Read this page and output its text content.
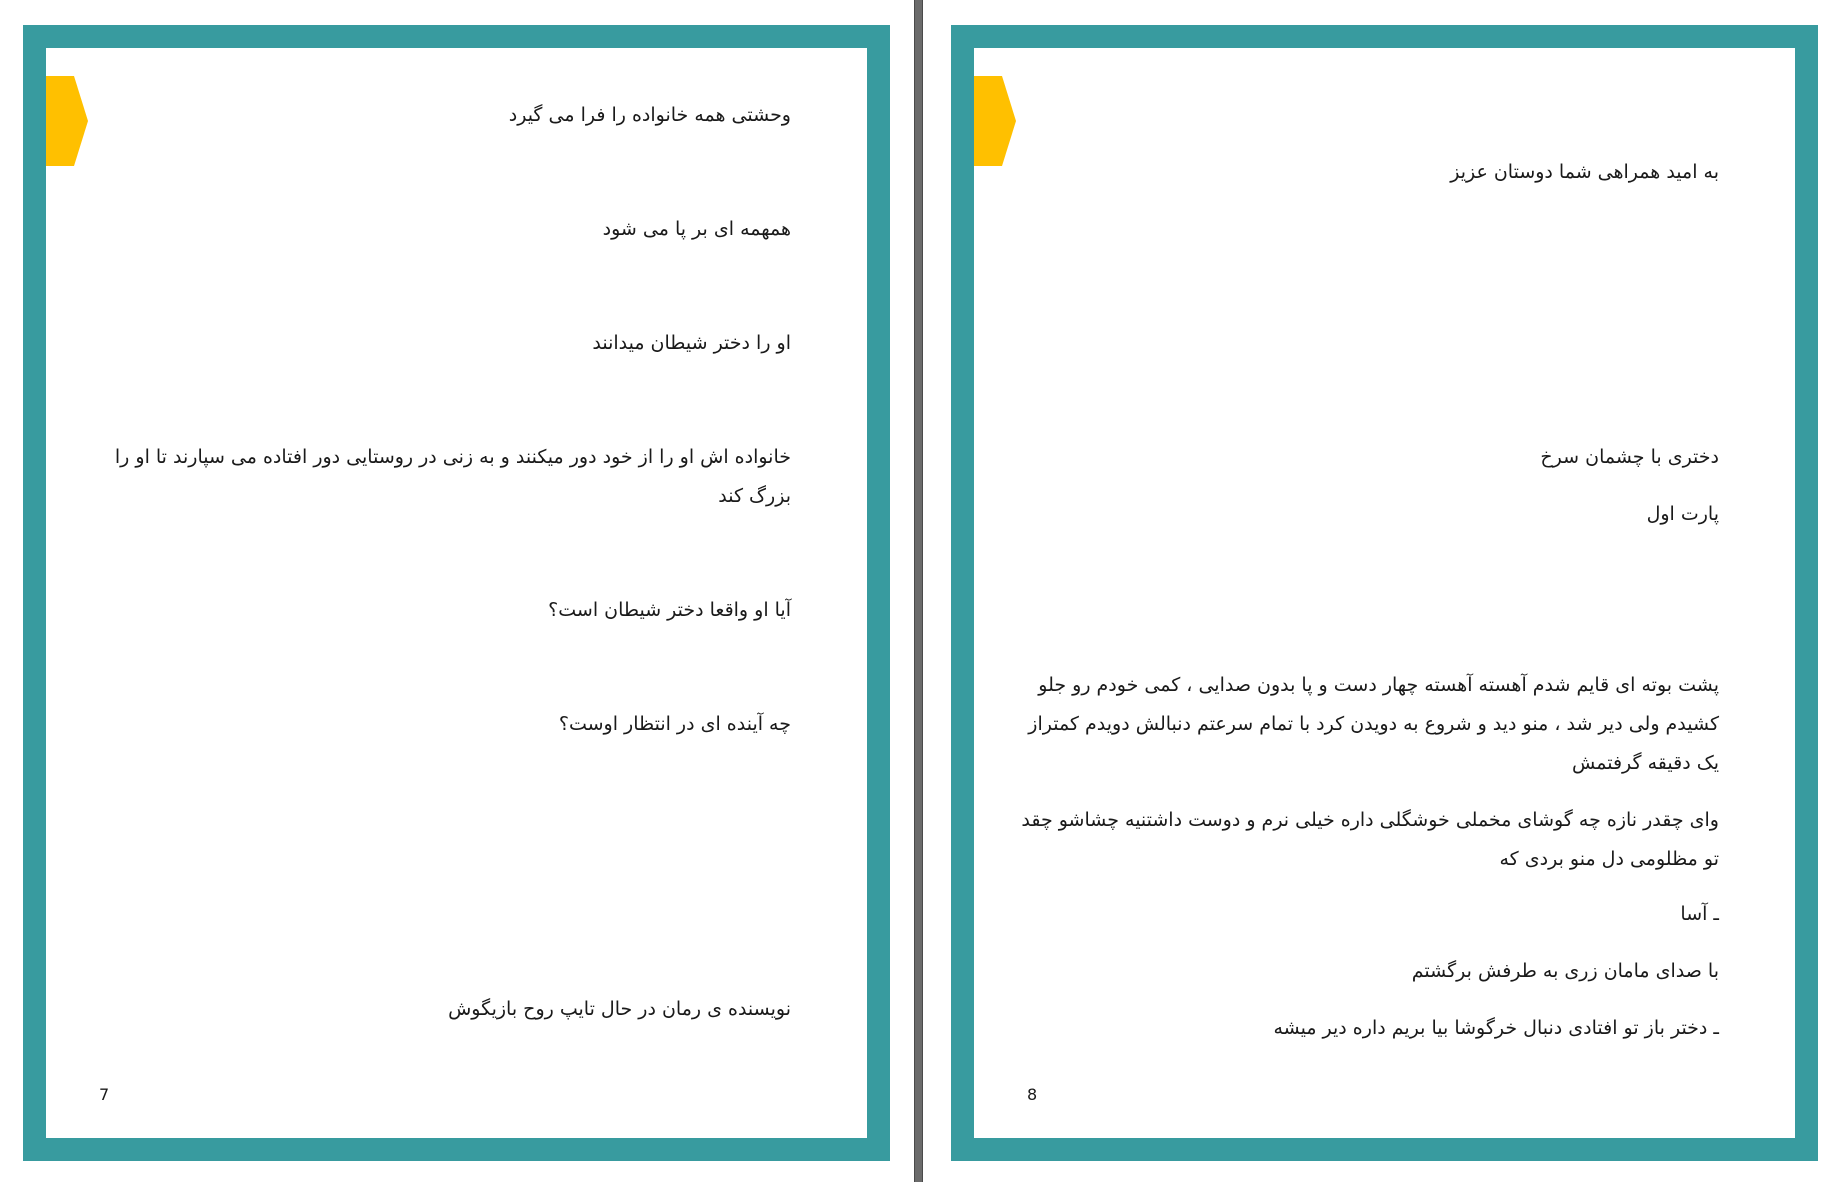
وحشتی همه خانواده را فرا می گیرد
همهمه ای بر پا می شود
او را دختر شیطان میدانند
خانواده اش او را از خود دور میکنند و به زنی در روستایی دور افتاده می سپارند تا او را بزرگ کند
آیا او واقعا دختر شیطان است؟
چه آینده ای در انتظار اوست؟
نویسنده ی رمان در حال تایپ روح بازیگوش
7
به امید همراهی شما دوستان عزیز
دختری با چشمان سرخ
پارت اول
پشت بوته ای قایم شدم آهسته آهسته چهار دست و پا بدون صدایی ، کمی خودم رو جلو کشیدم ولی دیر شد ، منو دید و شروع به دویدن کرد با تمام سرعتم دنبالش دویدم کمتراز یک دقیقه گرفتمش
وای چقدر نازه چه گوشای مخملی خوشگلی داره خیلی نرم و دوست داشتنیه چشاشو چقد تو مظلومی دل منو بردی که
ـ آسا
با صدای مامان زری به طرفش برگشتم
ـ دختر باز تو افتادی دنبال خرگوشا بیا بریم داره دیر میشه
8
